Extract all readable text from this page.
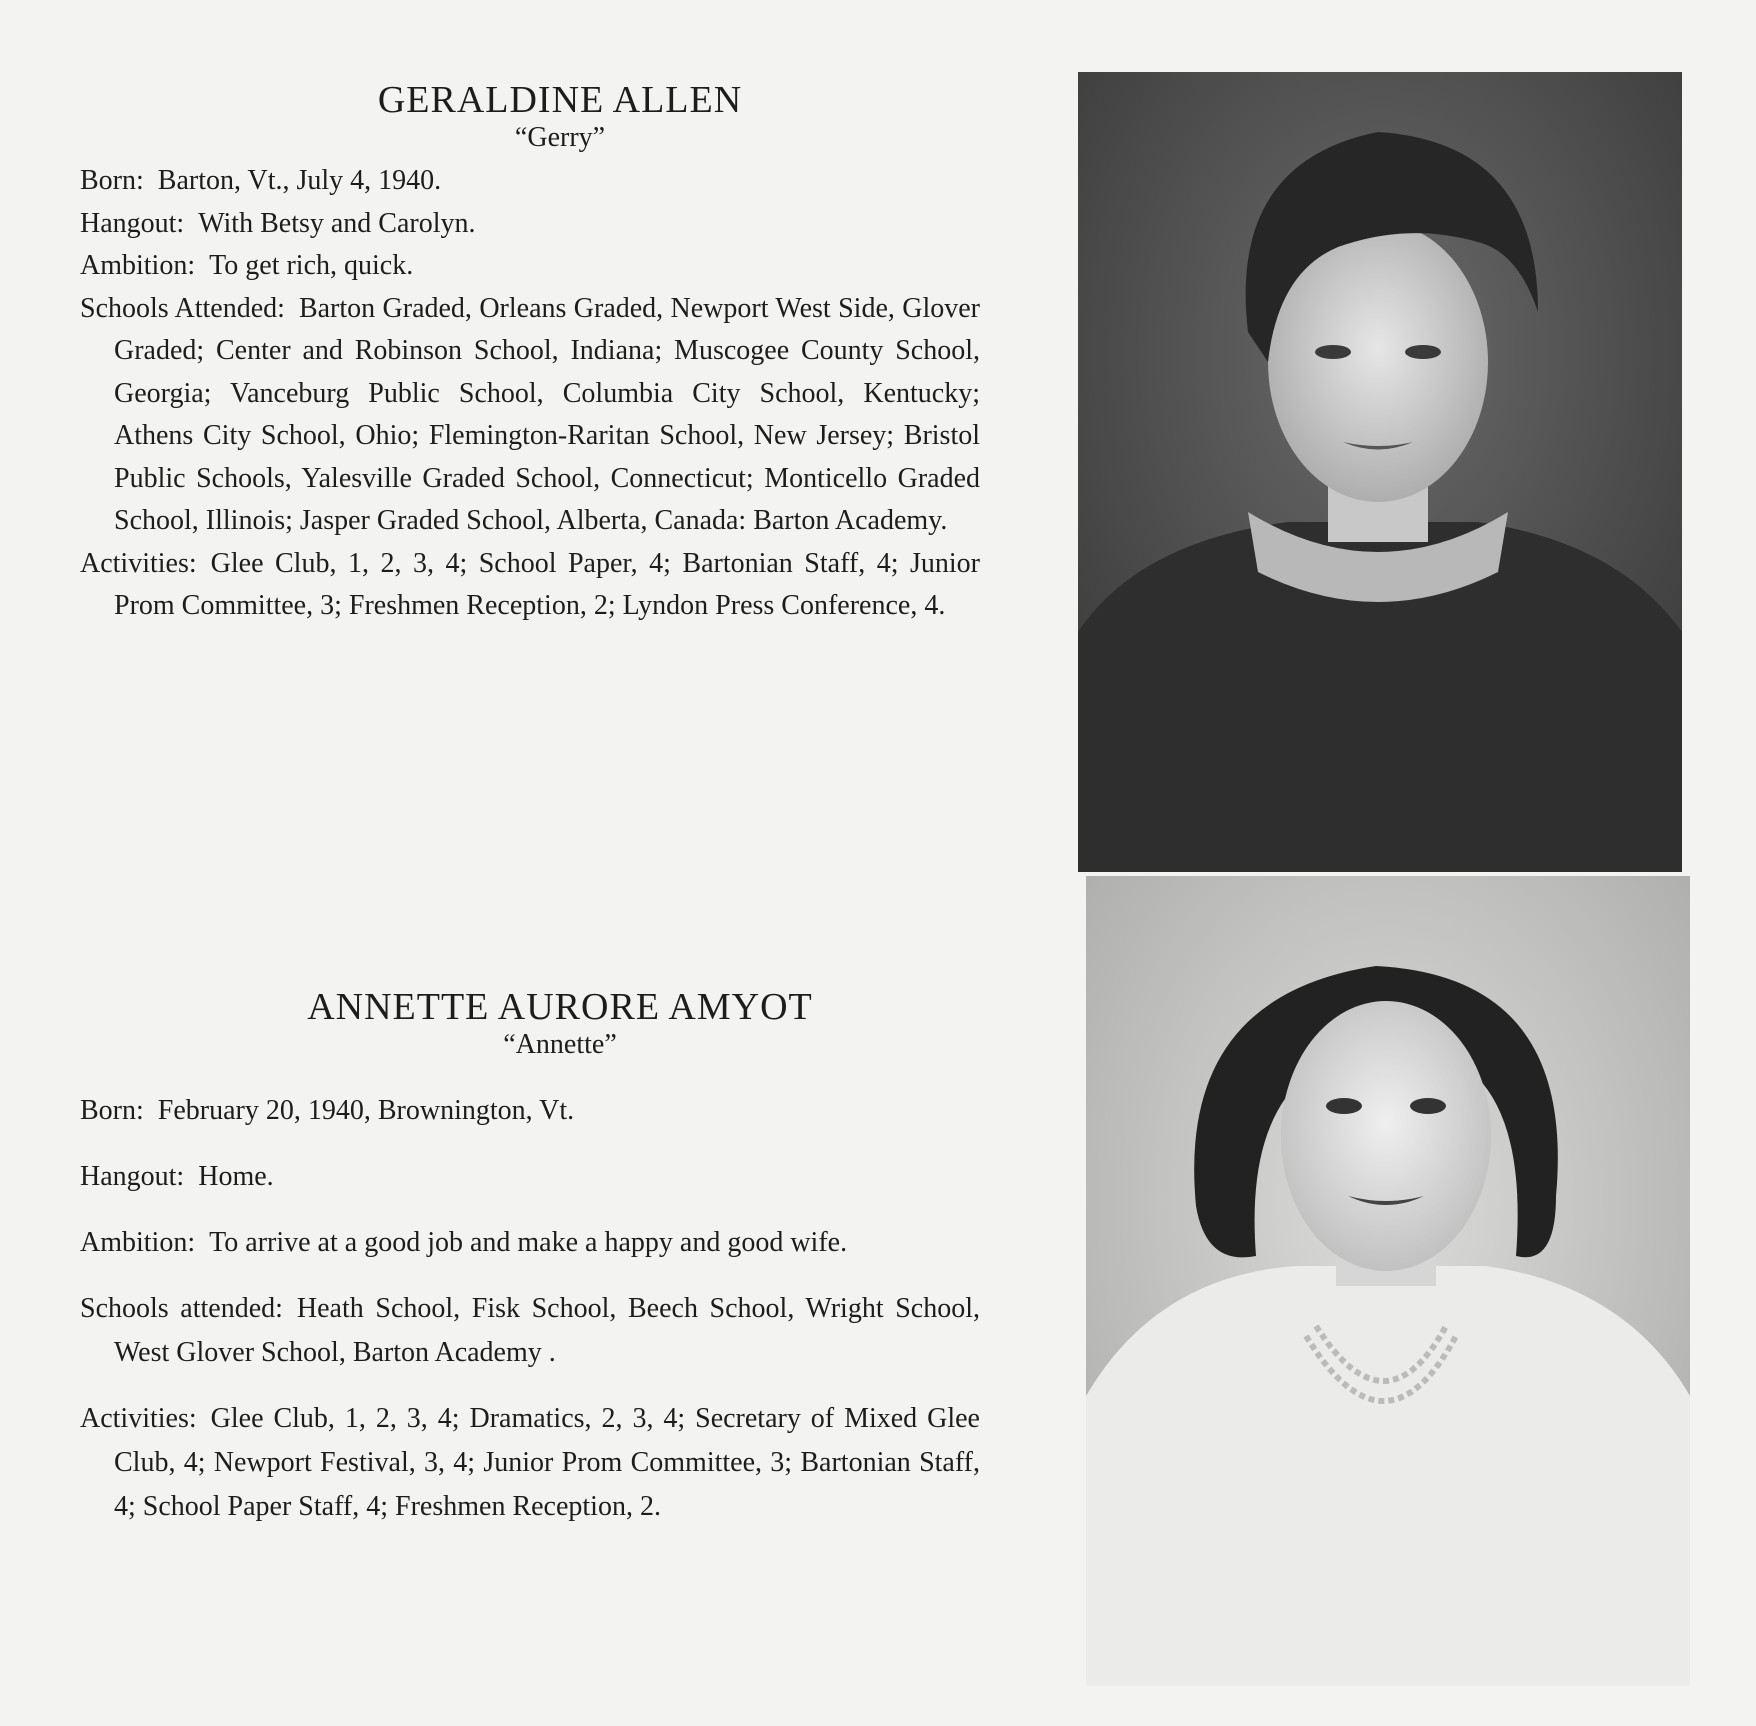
GERALDINE ALLEN

“Gerry”

Born: Barton, Vt., July 4, 1940.

Hangout: With Betsy and Carolyn.

Ambition: To get rich, quick.

Schools Attended: Barton Graded, Orleans Graded, Newport West Side, Glover Graded; Center and Robinson School, Indiana; Muscogee County School, Georgia; Vanceburg Public School, Columbia City School, Kentucky; Athens City School, Ohio; Flemington-Raritan School, New Jersey; Bristol Public Schools, Yalesville Graded School, Connecticut; Monticello Graded School, Illinois; Jasper Graded School, Alberta, Canada: Barton Academy.

Activities: Glee Club, 1, 2, 3, 4; School Paper, 4; Bartonian Staff, 4; Junior Prom Committee, 3; Freshmen Reception, 2; Lyndon Press Conference, 4.

ANNETTE AURORE AMYOT

“Annette”

Born: February 20, 1940, Brownington, Vt.

Hangout: Home.

Ambition: To arrive at a good job and make a happy and good wife.

Schools attended: Heath School, Fisk School, Beech School, Wright School, West Glover School, Barton Academy .

Activities: Glee Club, 1, 2, 3, 4; Dramatics, 2, 3, 4; Secretary of Mixed Glee Club, 4; Newport Festival, 3, 4; Junior Prom Committee, 3; Bartonian Staff, 4; School Paper Staff, 4; Freshmen Reception, 2.
